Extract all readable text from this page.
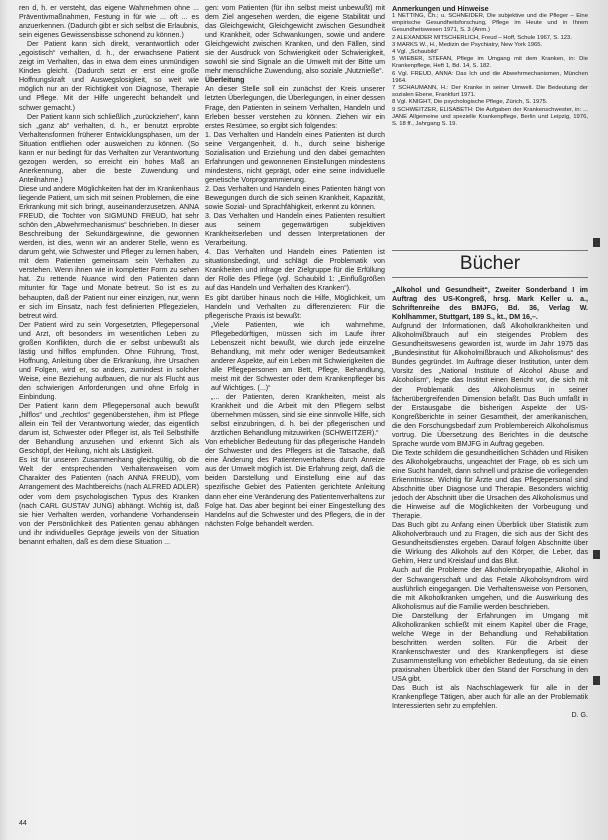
ren d, h. er versteht, das eigene Wahrnehmen ohne ... Präventivmaßnahmen, Festung in für wie ... oft ... es anzuerkennen. (Dadurch gibt er sich selbst die Erlaubnis, sein eigenes Gewissensbisse schonend zu können.)

Der Patient kann sich direkt, verantwortlich oder „egoistisch“ verhalten, d. h., der erwachsene Patient zeigt im Verhalten, das in etwa dem eines unmündigen Kindes gleicht. (Dadurch setzt er erst eine große Hoffnungskraft und Auswegslosigkeit, so weit wie möglich nur an der Richtigkeit von Diagnose, Therapie und Pflege. Mit der Hilfe ungerecht behandelt und schwer gemacht.)

Der Patient kann sich schließlich „zurückziehen“, kann sich „ganz ab“ verhalten, d. h., er benutzt erprobte Verhaltensformen früherer Entwicklungsphasen, um der Situation entfliehen oder ausweichen zu können. (So kann er nur bedingt für das Verhalten zur Verantwortung gezogen werden, so erreicht ein hohes Maß an Anerkennung, aber die beste Zuwendung und Anteilnahme.)

Diese und andere Möglichkeiten hat der im Krankenhaus liegende Patient, um sich mit seinen Problemen, die eine Erkrankung mit sich bringt, auseinanderzusetzen. ANNA FREUD, die Tochter von SIGMUND FREUD, hat sehr schön den „Abwehrmechanismus“ beschrieben. In dieser Beschreibung der Sekundärgewinne, die gewonnen werden, ist dies, wenn wir an anderer Stelle, wenn es darum geht, wie Schwester und Pfleger zu lernen haben, mit dem Patienten gemeinsam sein Verhalten zu verstehen. Wenn ihnen wie in kompletter Form zu sehen hat. Zu rettende Nuance wird den Patienten dann mitunter für Tage und Monate betreut. So ist es zu behaupten, daß der Patient nur einer einzigen, nur, wenn er sich im Einsatz, nach fest definierten Pflegezielen, betreut wird.

Der Patient wird zu sein Vorgesetzten, Pflegepersonal und Arzt, oft besonders im wesentlichen Leben zu großen Konflikten, durch die er selbst unbewußt als lästig und hilflos empfunden. Ohne Führung, Trost, Hoffnung, Anleitung über die Erkrankung, ihre Ursachen und Folgen, wird er, so anders, zumindest in solcher Weise, eine Beziehung aufbauen, die nur als Flucht aus den schwierigen Anforderungen und ohne Erfolg in Einbindung.

Der Patient kann dem Pflegepersonal auch bewußt „hilflos“ und „rechtlos“ gegenüberstehen, ihm ist Pflege allein ein Teil der Verantwortung wieder, das eigentlich darum ist, Schwester oder Pfleger ist, als Teil Selbsthilfe der Behandlung anzusehen und erkennt Sich als Geschöpf, der Heilung, nicht als Lästigkeit.

Es ist für unseren Zusammenhang gleichgültig, ob die Welt der entsprechenden Verhaltensweisen vom Charakter des Patienten (nach ANNA FREUD), vom Arrangement des Machtbereichs (nach ALFRED ADLER) oder vom dem psychologischen Typus des Kranken (nach CARL GUSTAV JUNG) abhängt. Wichtig ist, daß sie hier Verhalten werden, vorhandene Vorhandensein von der Persönlichkeit des Patienten genau abhängen und ihr individuelles Gepräge jeweils von der Situation benannt erhalten, daß es dem diese Situation ...

gen: vom Patienten (für ihn selbst meist unbewußt) mit dem Ziel angesehen werden, die eigene Stabilität und das Gleichgewicht, Gleichgewicht zwischen Gesundheit und Krankheit, oder Schwankungen, sowie und andere Gleichgewicht zwischen Kranken, und den Fällen, sind sie der Ausdruck von Schwierigkeit oder Schwierigkeit, sowohl sie sind Signale an die Umwelt mit der Bitte um mehr menschliche Zuwendung, also soziale „Nutznieße“.

Überleitung

An dieser Stelle soll ein zunächst der Kreis unserer letzten Überlegungen, die Überlegungen, in einer dessen Frage, den Patienten in seinem Verhalten, Handeln und Erleben besser verstehen zu können. Ziehen wir ein erstes Resümee, so ergibt sich folgendes:

1. Das Verhalten und Handeln eines Patienten ist durch seine Vergangenheit, d. h., durch seine bisherige Sozialisation und Erziehung und den dabei gemachten Erfahrungen und gewonnenen Einstellungen mindestens mindestens, nicht geprägt, oder eine seine individuelle genetische Vorprogrammierung.

2. Das Verhalten und Handeln eines Patienten hängt von Bewegungen durch die sich seinen Krankheit, Kapazität, sowie Sozial- und Sprachfähigkeit, erkennt zu können.

3. Das Verhalten und Handeln eines Patienten resultiert aus seinem gegenwärtigen subjektiven Krankheitserleben und dessen Interpretationen der Verarbeitung.

4. Das Verhalten und Handeln eines Patienten ist situationsbedingt, und schlägt die Problematik von Krankheiten und infrage der Zielgruppe für die Erfüllung der Rolle des Pflege (vgl. Schaubild 1: „Einflußgrößen auf das Handeln und Verhalten des Kranken“).

Es gibt darüber hinaus noch die Hilfe, Möglichkeit, um Handeln und Verhalten zu differenzieren: Für die pflegerische Praxis ist bewußt:

„Viele Patienten, wie ich wahrnehme, Pflegebedürftigen, müssen sich im Laufe ihrer Lebenszeit nicht bewußt, wie durch jede einzelne Behandlung, mit mehr oder weniger Bedeutsamkeit anderer Aspekte, auf ein Leben mit Schwierigkeiten die alle Pflegepersonen am Bett, Pflege, Behandlung, meist mit der Schwester oder dem Krankenpfleger bis auf Wichtiges. (...)“

„... der Patienten, deren Krankheiten, meist als Krankheit und die Arbeit mit den Pflegern selbst übernehmen müssen, sind sie eine sinnvolle Hilfe, sich selbst einzubringen, d. h. bei der pflegerischen und ärztlichen Behandlung mitzuwirken (SCHWEITZER).“

Von erheblicher Bedeutung für das pflegerische Handeln der Schwester und des Pflegers ist die Tatsache, daß eine Änderung des Patientenverhaltens durch Anreize aus der Umwelt möglich ist. Die Erfahrung zeigt, daß die beiden Darstellung und Einstellung eine auf das spezifische Gebiet des Patienten gerichtete Anleitung dann eher eine Veränderung des Patientenverhaltens zur Folge hat. Das aber beginnt bei einer Eingestellung des Handelns auf die Schwester und des Pflegers, die in der nächsten Folge behandelt werden.

Anmerkungen und Hinweise

1 NETTING, Ch.; u. SCHNEIDER, Die subjektive und die Pfleger – Eine empirische Gesundheitsforschung, Pflege im Heute und in Ihrem Gesundheitswesen 1971, S. 3 (Anm.)

2 ALEXANDER MITSCHERLICH, Freud – Hoff, Schule 1967, S. 123.

3 MARKS W., H., Medizin der Psychiatry, New York 1965.

4 Vgl. „Schaubild“

5 WIEBER, STEFAN, Pflege im Umgang mit dem Kranken, in: Die Krankenpflege, Heft 1, Bd. 14, S. 182.

6 Vgl. FREUD, ANNA: Das Ich und die Abwehrmechanismen, München 1964.

7 SCHAUMANN, H.: Der Kranke in seiner Umwelt. Die Bedeutung der sozialen Ebene, Frankfurt 1971.

8 Vgl. KNIGHT, Die psychologische Pflege, Zürich, S. 1975.

9 SCHWEITZER, ELISABETH: Die Aufgaben der Krankenschwester, in: ... JANE Allgemeine und spezielle Krankenpflege, Berlin und Leipzig, 1976, S. 18 ff., Jahrgang S. 19.

Bücher

„Alkohol und Gesundheit“, Zweiter Sonderband I im Auftrag des US-Kongreß, hrsg. Mark Keller u. a., Schriftenreihe des BMJFG, Bd. 36, Verlag W. Kohlhammer, Stuttgart, 189 S., kt., DM 16,–.

Aufgrund der Informationen, daß Alkoholkrankheiten und Alkoholmißbrauch auf ein steigendes Problem des Gesundheitswesens geworden ist, wurde im Jahr 1975 das „Bundesinstitut für Alkoholmißbrauch und Alkoholismus“ des Bundes gegründet. Im Auftrage dieser Institution, unter dem Vorsitz des „National Institute of Alcohol Abuse and Alcoholism“, legte das Institut einen Bericht vor, die sich mit der Problematik des Alkoholismus in seiner fächerübergreifenden Dimension befaßt. Das Buch umfaßt in der Erstausgabe die bisherigen Aspekte der US-Kongreßberichte in seiner Gesamtheit, der amerikanischen, die den Forschungsbedarf zum Problembereich Alkoholismus vortrug. Die Übersetzung des Berichtes in die deutsche Sprache wurde vom BMJFG in Auftrag gegeben.

Die Texte schildern die gesundheitlichen Schäden und Risiken des Alkoholgebrauchs, ungeachtet der Frage, ob es sich um eine Sucht handelt, dann schnell und präzise die vorliegenden Erkenntnisse. Wichtig für Ärzte und das Pflegepersonal sind Abschnitte über Diagnose und Therapie. Besonders wichtig jedoch der Abschnitt über die Ursachen des Alkoholismus und die Hinweise auf die Möglichkeiten der Vorbeugung und Therapie.

Das Buch gibt zu Anfang einen Überblick über Statistik zum Alkoholverbrauch und zu Fragen, die sich aus der Sicht des Gesundheitsdienstes ergeben. Darauf folgen Abschnitte über die Wirkung des Alkohols auf den Körper, die Leber, das Gehirn, Herz und Kreislauf und das Blut.

Auch auf die Probleme der Alkoholembryopathie, Alkohol in der Schwangerschaft und das Fetale Alkoholsyndrom wird ausführlich eingegangen. Die Verhaltensweise von Personen, die mit Alkoholkranken umgehen, und die Auswirkung des Alkoholismus auf die Familie werden beschrieben.

Die Darstellung der Erfahrungen im Umgang mit Alkoholkranken schließt mit einem Kapitel über die Frage, welche Wege in der Behandlung und Rehabilitation beschritten werden sollten. Für die Arbeit der Krankenschwester und des Krankenpflegers ist diese Zusammenstellung von erheblicher Bedeutung, da sie einen praxisnahen Überblick über den Stand der Forschung in den USA gibt.

Das Buch ist als Nachschlagewerk für alle in der Krankenpflege Tätigen, aber auch für alle an der Problematik Interessierten sehr zu empfehlen.

D. G.

44
